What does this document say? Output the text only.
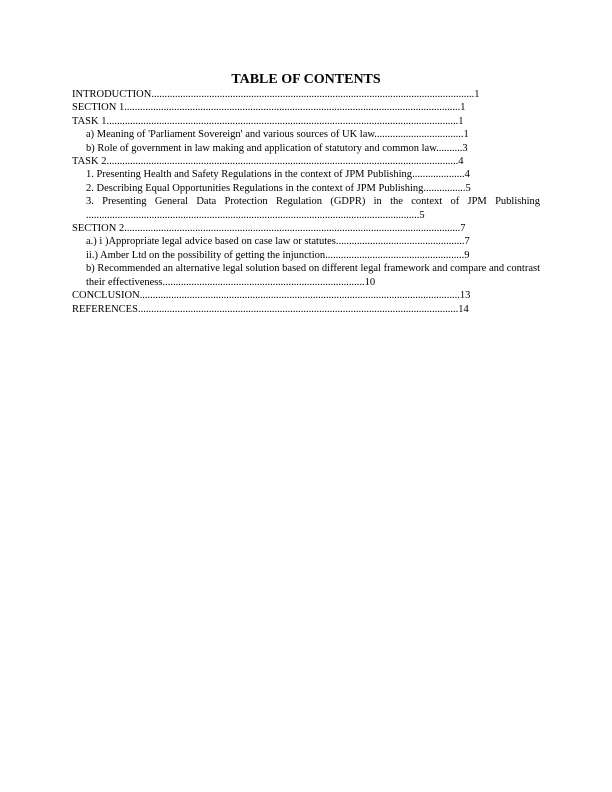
TABLE OF CONTENTS
INTRODUCTION...........................................................................................................................1
SECTION 1................................................................................................................................1
TASK 1......................................................................................................................................1
a) Meaning of 'Parliament Sovereign' and various sources of UK law..................................1
b) Role of government in law making and application of statutory and common law..........3
TASK 2......................................................................................................................................4
1. Presenting Health and Safety Regulations in the context of JPM Publishing....................4
2. Describing Equal Opportunities Regulations in the context of JPM Publishing................5
3. Presenting General Data Protection Regulation (GDPR) in the context of JPM Publishing ...............................................................................................................................5
SECTION 2................................................................................................................................7
a.) i )Appropriate legal advice based on case law or statutes.................................................7
ii.) Amber Ltd on the possibility of getting the injunction.....................................................9
b) Recommended an alternative legal solution based on different legal framework and compare and contrast their effectiveness.............................................................................10
CONCLUSION..........................................................................................................................13
REFERENCES..........................................................................................................................14
